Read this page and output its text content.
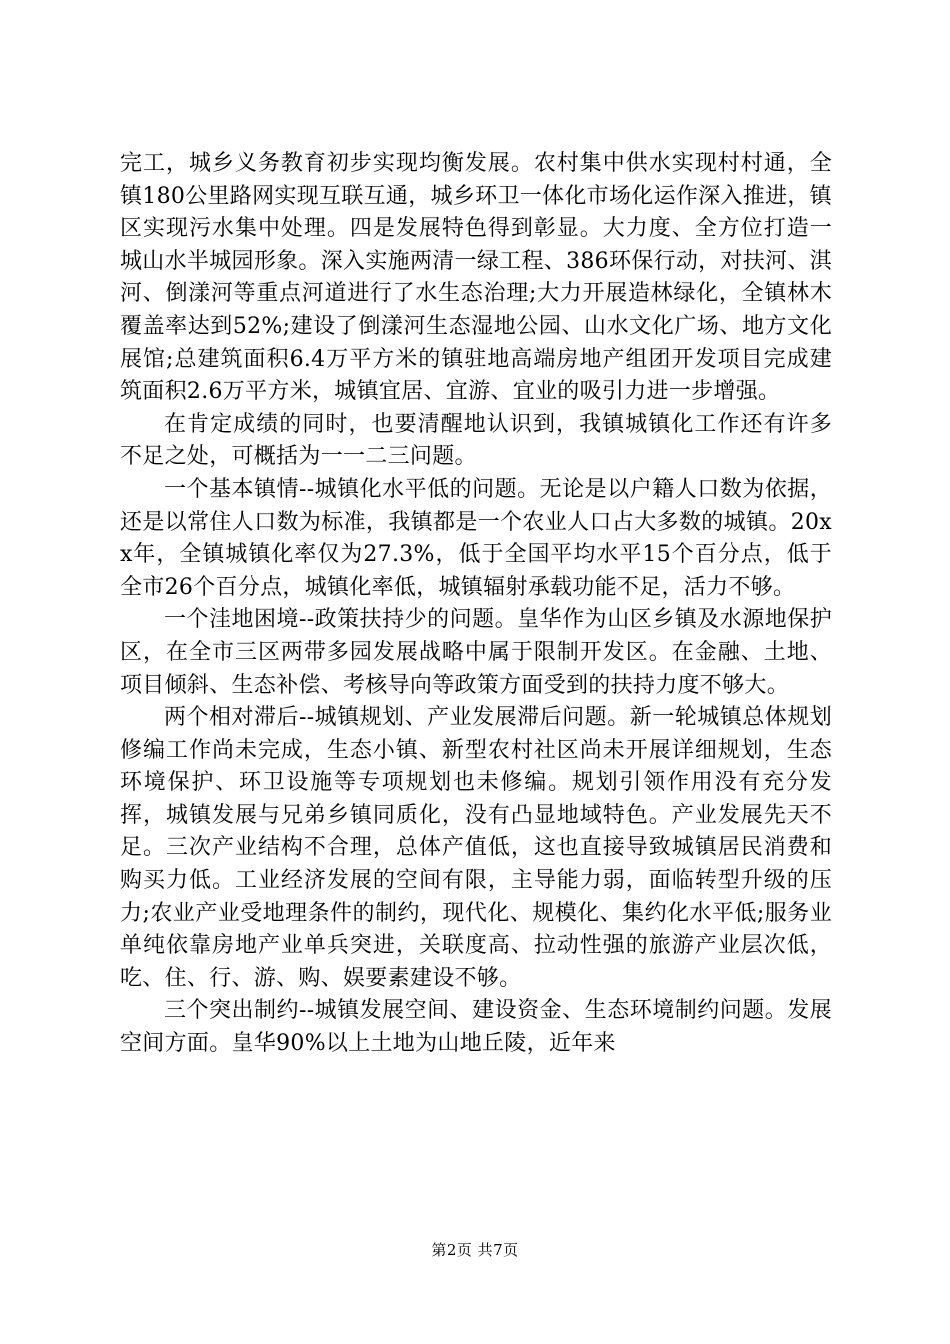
完工，城乡义务教育初步实现均衡发展。农村集中供水实现村村通，全镇180公里路网实现互联互通，城乡环卫一体化市场化运作深入推进，镇区实现污水集中处理。四是发展特色得到彰显。大力度、全方位打造一城山水半城园形象。深入实施两清一绿工程、386环保行动，对扶河、淇河、倒漾河等重点河道进行了水生态治理;大力开展造林绿化，全镇林木覆盖率达到52%;建设了倒漾河生态湿地公园、山水文化广场、地方文化展馆;总建筑面积6.4万平方米的镇驻地高端房地产组团开发项目完成建筑面积2.6万平方米，城镇宜居、宜游、宜业的吸引力进一步增强。

在肯定成绩的同时，也要清醒地认识到，我镇城镇化工作还有许多不足之处，可概括为一一二三问题。

一个基本镇情--城镇化水平低的问题。无论是以户籍人口数为依据，还是以常住人口数为标准，我镇都是一个农业人口占大多数的城镇。20xx年，全镇城镇化率仅为27.3%，低于全国平均水平15个百分点，低于全市26个百分点，城镇化率低，城镇辐射承载功能不足，活力不够。

一个洼地困境--政策扶持少的问题。皇华作为山区乡镇及水源地保护区，在全市三区两带多园发展战略中属于限制开发区。在金融、土地、项目倾斜、生态补偿、考核导向等政策方面受到的扶持力度不够大。

两个相对滞后--城镇规划、产业发展滞后问题。新一轮城镇总体规划修编工作尚未完成，生态小镇、新型农村社区尚未开展详细规划，生态环境保护、环卫设施等专项规划也未修编。规划引领作用没有充分发挥，城镇发展与兄弟乡镇同质化，没有凸显地域特色。产业发展先天不足。三次产业结构不合理，总体产值低，这也直接导致城镇居民消费和购买力低。工业经济发展的空间有限，主导能力弱，面临转型升级的压力;农业产业受地理条件的制约，现代化、规模化、集约化水平低;服务业单纯依靠房地产业单兵突进，关联度高、拉动性强的旅游产业层次低，吃、住、行、游、购、娱要素建设不够。

三个突出制约--城镇发展空间、建设资金、生态环境制约问题。发展空间方面。皇华90%以上土地为山地丘陵，近年来

第2页 共7页
